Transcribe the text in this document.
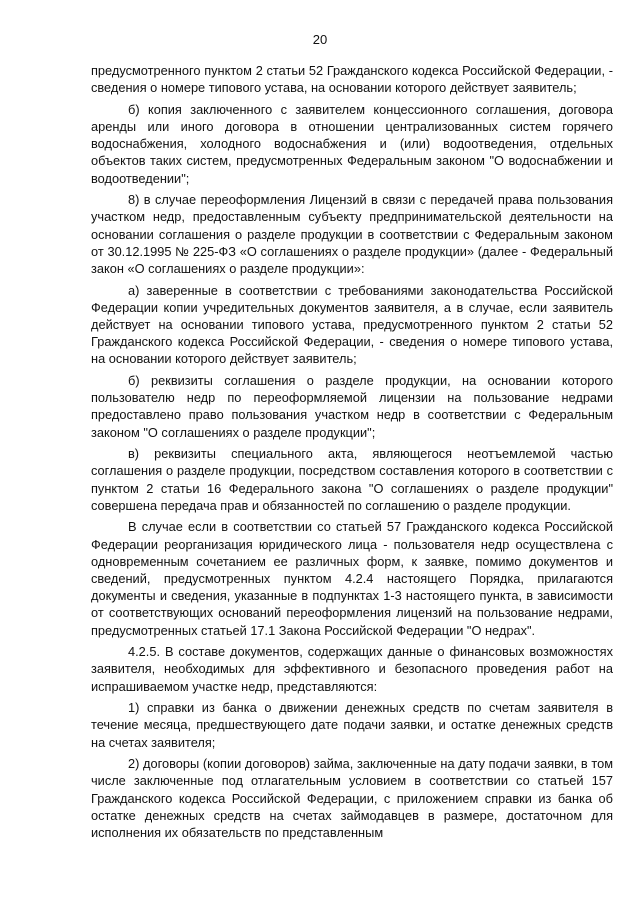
20

предусмотренного пунктом 2 статьи 52 Гражданского кодекса Российской Федерации, - сведения о номере типового устава, на основании которого действует заявитель;

б) копия заключенного с заявителем концессионного соглашения, договора аренды или иного договора в отношении централизованных систем горячего водоснабжения, холодного водоснабжения и (или) водоотведения, отдельных объектов таких систем, предусмотренных Федеральным законом "О водоснабжении и водоотведении";

8) в случае переоформления Лицензий в связи с передачей права пользования участком недр, предоставленным субъекту предпринимательской деятельности на основании соглашения о разделе продукции в соответствии с Федеральным законом от 30.12.1995 № 225-ФЗ «О соглашениях о разделе продукции» (далее - Федеральный закон «О соглашениях о разделе продукции»:

а) заверенные в соответствии с требованиями законодательства Российской Федерации копии учредительных документов заявителя, а в случае, если заявитель действует на основании типового устава, предусмотренного пунктом 2 статьи 52 Гражданского кодекса Российской Федерации, - сведения о номере типового устава, на основании которого действует заявитель;

б) реквизиты соглашения о разделе продукции, на основании которого пользователю недр по переоформляемой лицензии на пользование недрами предоставлено право пользования участком недр в соответствии с Федеральным законом "О соглашениях о разделе продукции";

в) реквизиты специального акта, являющегося неотъемлемой частью соглашения о разделе продукции, посредством составления которого в соответствии с пунктом 2 статьи 16 Федерального закона "О соглашениях о разделе продукции" совершена передача прав и обязанностей по соглашению о разделе продукции.

В случае если в соответствии со статьей 57 Гражданского кодекса Российской Федерации реорганизация юридического лица - пользователя недр осуществлена с одновременным сочетанием ее различных форм, к заявке, помимо документов и сведений, предусмотренных пунктом 4.2.4 настоящего Порядка, прилагаются документы и сведения, указанные в подпунктах 1-3 настоящего пункта, в зависимости от соответствующих оснований переоформления лицензий на пользование недрами, предусмотренных статьей 17.1 Закона Российской Федерации "О недрах".

4.2.5. В составе документов, содержащих данные о финансовых возможностях заявителя, необходимых для эффективного и безопасного проведения работ на испрашиваемом участке недр, представляются:

1) справки из банка о движении денежных средств по счетам заявителя в течение месяца, предшествующего дате подачи заявки, и остатке денежных средств на счетах заявителя;

2) договоры (копии договоров) займа, заключенные на дату подачи заявки, в том числе заключенные под отлагательным условием в соответствии со статьей 157 Гражданского кодекса Российской Федерации, с приложением справки из банка об остатке денежных средств на счетах займодавцев в размере, достаточном для исполнения их обязательств по представленным
